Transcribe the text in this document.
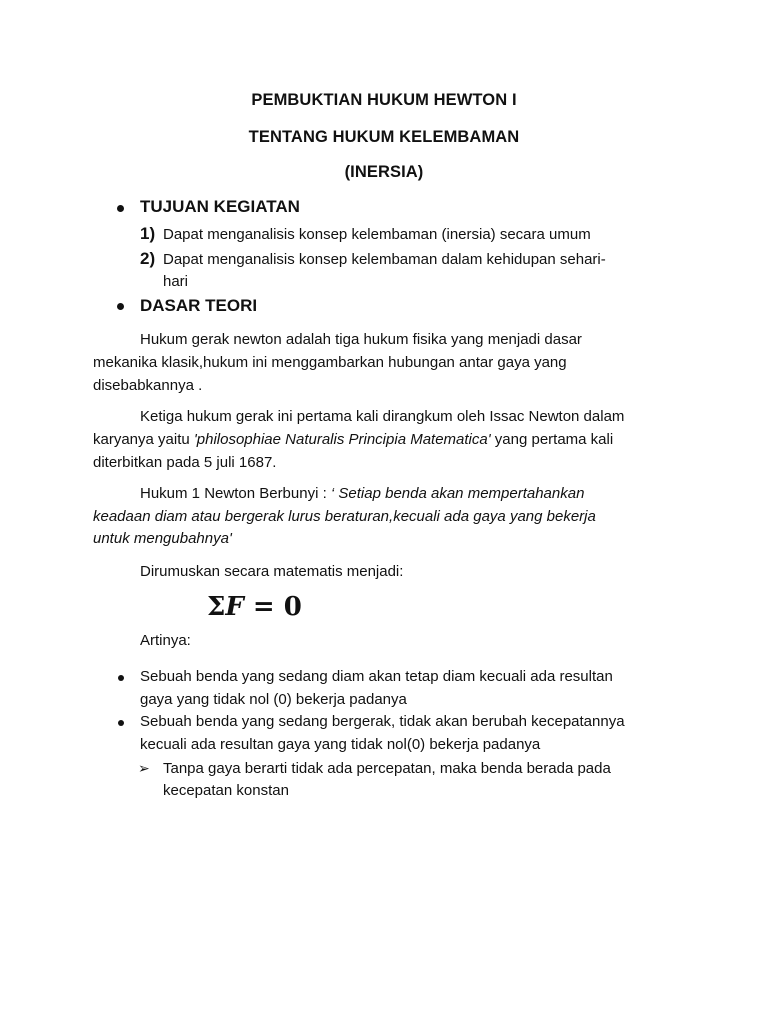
PEMBUKTIAN HUKUM HEWTON I
TENTANG HUKUM KELEMBAMAN
(INERSIA)
TUJUAN KEGIATAN
1) Dapat menganalisis konsep kelembaman (inersia) secara umum
2) Dapat menganalisis konsep kelembaman dalam kehidupan sehari-
hari
DASAR TEORI
Hukum gerak newton adalah tiga hukum fisika yang menjadi dasar
mekanika klasik,hukum ini menggambarkan hubungan antar gaya yang
disebabkannya .
Ketiga hukum gerak ini pertama kali dirangkum oleh Issac Newton dalam
karyanya yaitu 'philosophiae Naturalis Principia Matematica' yang pertama kali
diterbitkan pada 5 juli 1687.
Hukum 1 Newton Berbunyi : ‘ Setiap benda akan mempertahankan
keadaan diam atau bergerak lurus beraturan,kecuali ada gaya yang bekerja
untuk mengubahnya'
Dirumuskan secara matematis menjadi:
ΣF = 0
Artinya:
Sebuah benda yang sedang diam akan tetap diam kecuali ada resultan
gaya yang tidak nol (0) bekerja padanya
Sebuah benda yang sedang bergerak, tidak akan berubah kecepatannya
kecuali ada resultan gaya yang tidak nol(0) bekerja padanya
➢ Tanpa gaya berarti tidak ada percepatan, maka benda berada pada
kecepatan konstan
